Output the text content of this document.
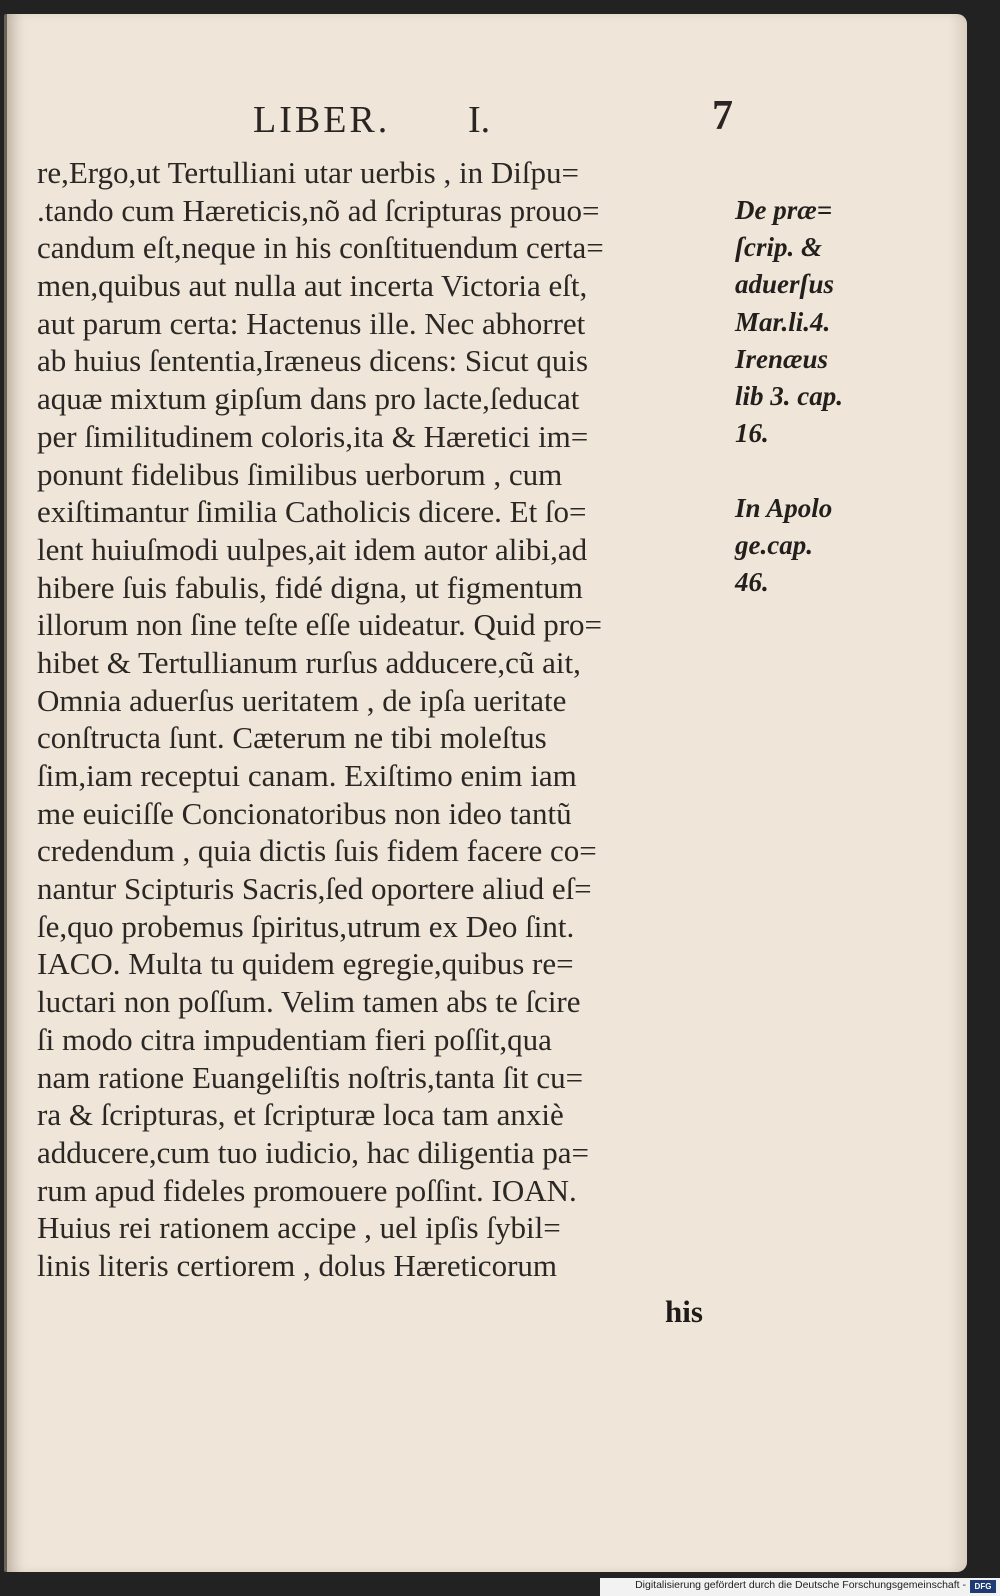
LIBER. I.	7
re,Ergo,ut Tertulliani utar uerbis , in Diſpu=
.tando cum Hæreticis,nõ ad ſcripturas prouo=
candum eſt,neque in his conſtituendum certa=
men,quibus aut nulla aut incerta Victoria eſt,
aut parum certa: Hactenus ille. Nec abhorret
ab huius ſententia,Iræneus dicens: Sicut quis
aquæ mixtum gipſum dans pro lacte,ſeducat
per ſimilitudinem coloris,ita & Hæretici im=
ponunt fidelibus ſimilibus uerborum , cum
exiſtimantur ſimilia Catholicis dicere. Et ſo=
lent huiuſmodi uulpes,ait idem autor alibi,ad
hibere ſuis fabulis, fidé digna, ut figmentum
illorum non ſine teſte eſſe uideatur. Quid pro=
hibet & Tertullianum rurſus adducere,cũ ait,
Omnia aduerſus ueritatem , de ipſa ueritate
conſtructa ſunt. Cæterum ne tibi moleſtus
ſim,iam receptui canam. Exiſtimo enim iam
me euiciſſe Concionatoribus non ideo tantũ
credendum , quia dictis ſuis fidem facere co=
nantur Scipturis Sacris,ſed oportere aliud eſ=
ſe,quo probemus ſpiritus,utrum ex Deo ſint.
IACO. Multa tu quidem egregie,quibus re=
luctari non poſſum. Velim tamen abs te ſcire
ſi modo citra impudentiam fieri poſſit,qua
nam ratione Euangeliſtis noſtris,tanta ſit cu=
ra & ſcripturas, et ſcripturæ loca tam anxiè
adducere,cum tuo iudicio, hac diligentia pa=
rum apud fideles promouere poſſint. IOAN.
Huius rei rationem accipe , uel ipſis ſybil=
linis literis certiorem , dolus Hæreticorum
his
De præ=
ſcrip. &
aduerſus
Mar.li.4.
Irenæus
lib 3. cap.
16.
In Apolo
ge.cap.
46.
Digitalisierung gefördert durch die Deutsche Forschungsgemeinschaft -	DFG
